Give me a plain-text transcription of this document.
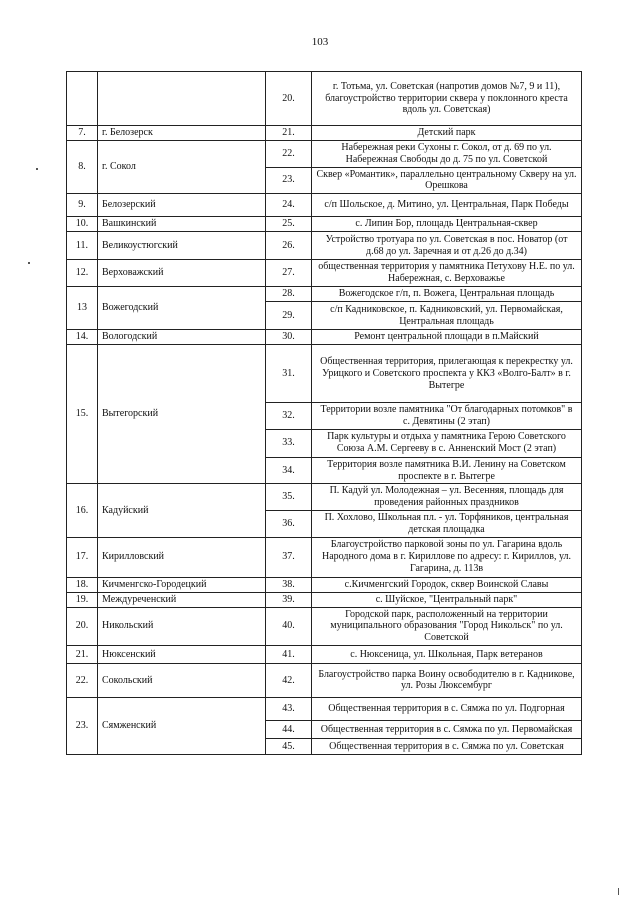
103
		20.	г. Тотьма, ул. Советская (напротив домов №7, 9 и 11), благоустройство территории сквера у поклонного креста вдоль ул. Советская)
7.	г. Белозерск	21.	Детский парк
8.	г. Сокол	22.	Набережная реки Сухоны г. Сокол, от д. 69 по ул. Набережная Свободы до д. 75 по ул. Советской
		23.	Сквер «Романтик», параллельно центральному Скверу на ул. Орешкова
9.	Белозерский	24.	с/п Шольское, д. Митино, ул. Центральная, Парк Победы
10.	Вашкинский	25.	с. Липин Бор, площадь Центральная-сквер
11.	Великоустюгский	26.	Устройство тротуара по ул. Советская в пос. Новатор (от д.68 до ул. Заречная и от д.26 до д.34)
12.	Верховажский	27.	общественная территория у памятника Петухову Н.Е. по ул. Набережная, с. Верховажье
13	Вожегодский	28.	Вожегодское г/п, п. Вожега, Центральная площадь
		29.	с/п Кадниковское, п. Кадниковский, ул. Первомайская, Центральная площадь
14.	Вологодский	30.	Ремонт центральной площади в п.Майский
15.	Вытегорский	31.	Общественная территория, прилегающая к перекрестку ул. Урицкого и Советского проспекта у ККЗ «Волго-Балт» в г. Вытегре
		32.	Территории возле памятника "От благодарных потомков" в с. Девятины (2 этап)
		33.	Парк культуры и отдыха у памятника Герою Советского Союза А.М. Сергееву в с. Анненский Мост (2 этап)
		34.	Территория возле памятника В.И. Ленину на Советском проспекте в г. Вытегре
16.	Кадуйский	35.	П. Кадуй ул. Молодежная – ул. Весенняя, площадь для проведения районных праздников
		36.	П. Хохлово, Школьная пл. - ул. Торфяников, центральная детская площадка
17.	Кирилловский	37.	Благоустройство парковой зоны по ул. Гагарина вдоль Народного дома в г. Кириллове по адресу: г. Кириллов, ул. Гагарина, д. 113в
18.	Кичменгско-Городецкий	38.	с.Кичменгский Городок, сквер Воинской Славы
19.	Междуреченский	39.	с. Шуйское, "Центральный парк"
20.	Никольский	40.	Городской парк, расположенный на территории муниципального образования "Город Никольск" по ул. Советской
21.	Нюксенский	41.	с. Нюксеница, ул. Школьная, Парк ветеранов
22.	Сокольский	42.	Благоустройство парка Воину освободителю в г. Кадникове, ул. Розы Люксембург
23.	Сямженский	43.	Общественная территория в с. Сямжа по ул. Подгорная
		44.	Общественная территория в с. Сямжа по ул. Первомайская
		45.	Общественная территория в с. Сямжа по ул. Советская
